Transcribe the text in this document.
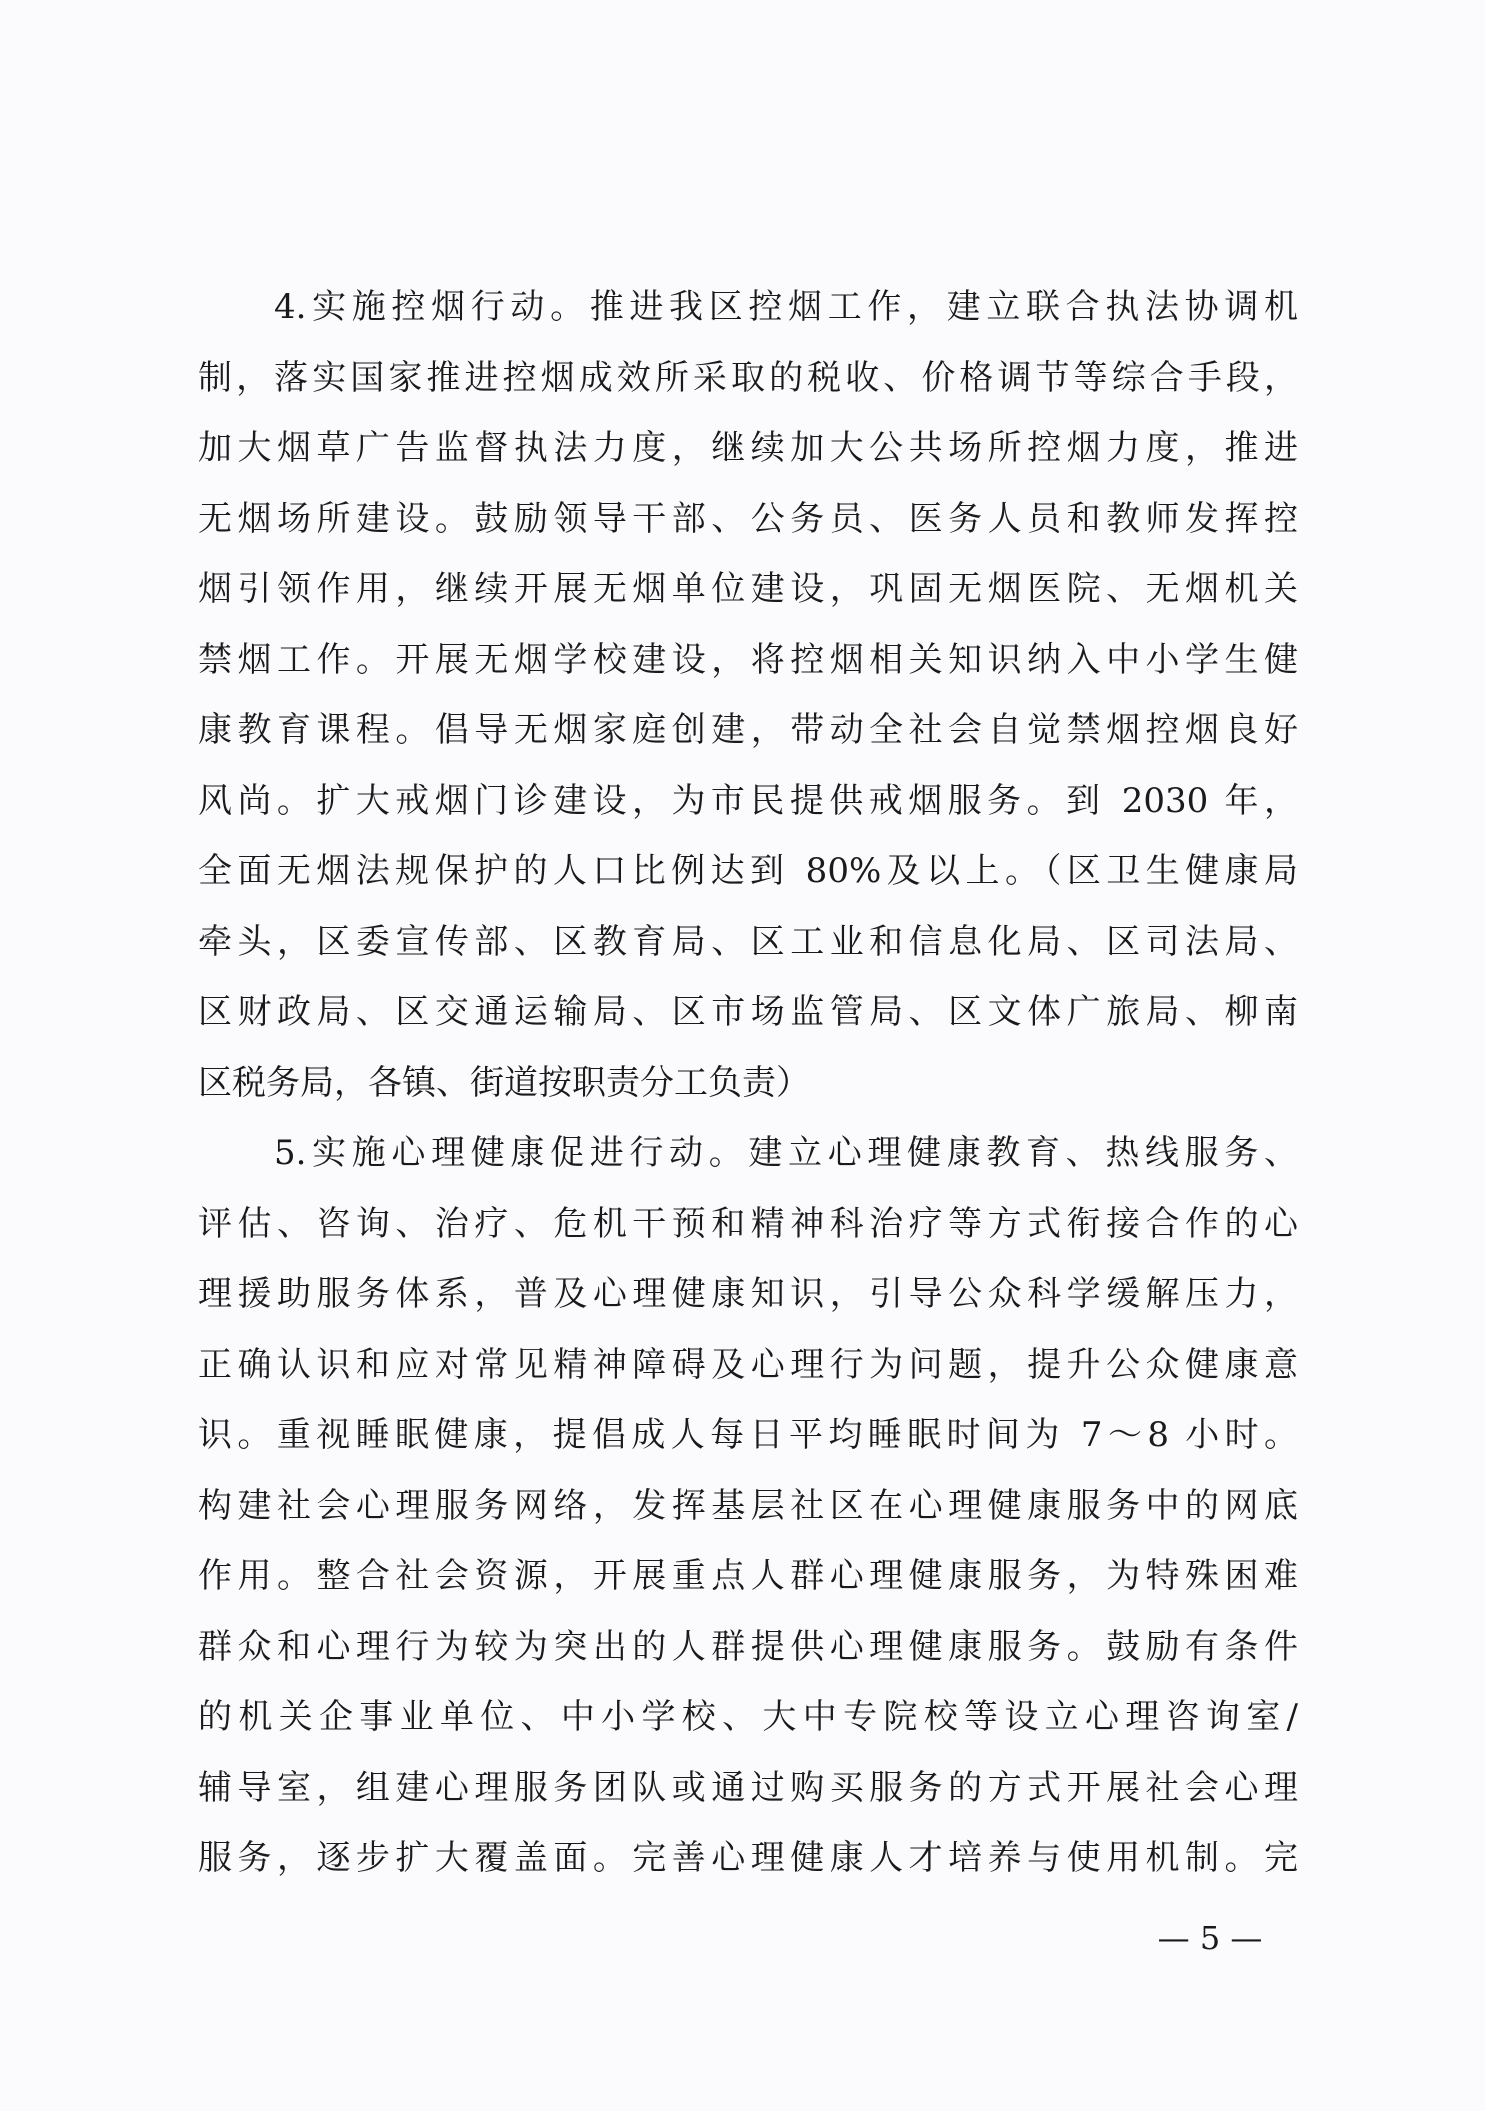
4.实施控烟行动。推进我区控烟工作，建立联合执法协调机
制，落实国家推进控烟成效所采取的税收、价格调节等综合手段，
加大烟草广告监督执法力度，继续加大公共场所控烟力度，推进
无烟场所建设。鼓励领导干部、公务员、医务人员和教师发挥控
烟引领作用，继续开展无烟单位建设，巩固无烟医院、无烟机关
禁烟工作。开展无烟学校建设，将控烟相关知识纳入中小学生健
康教育课程。倡导无烟家庭创建，带动全社会自觉禁烟控烟良好
风尚。扩大戒烟门诊建设，为市民提供戒烟服务。到 2030 年，
全面无烟法规保护的人口比例达到 80%及以上。（区卫生健康局
牵头，区委宣传部、区教育局、区工业和信息化局、区司法局、
区财政局、区交通运输局、区市场监管局、区文体广旅局、柳南
区税务局，各镇、街道按职责分工负责）
5.实施心理健康促进行动。建立心理健康教育、热线服务、
评估、咨询、治疗、危机干预和精神科治疗等方式衔接合作的心
理援助服务体系，普及心理健康知识，引导公众科学缓解压力，
正确认识和应对常见精神障碍及心理行为问题，提升公众健康意
识。重视睡眠健康，提倡成人每日平均睡眠时间为 7～8 小时。
构建社会心理服务网络，发挥基层社区在心理健康服务中的网底
作用。整合社会资源，开展重点人群心理健康服务，为特殊困难
群众和心理行为较为突出的人群提供心理健康服务。鼓励有条件
的机关企事业单位、中小学校、大中专院校等设立心理咨询室/
辅导室，组建心理服务团队或通过购买服务的方式开展社会心理
服务，逐步扩大覆盖面。完善心理健康人才培养与使用机制。完
— 5 —
